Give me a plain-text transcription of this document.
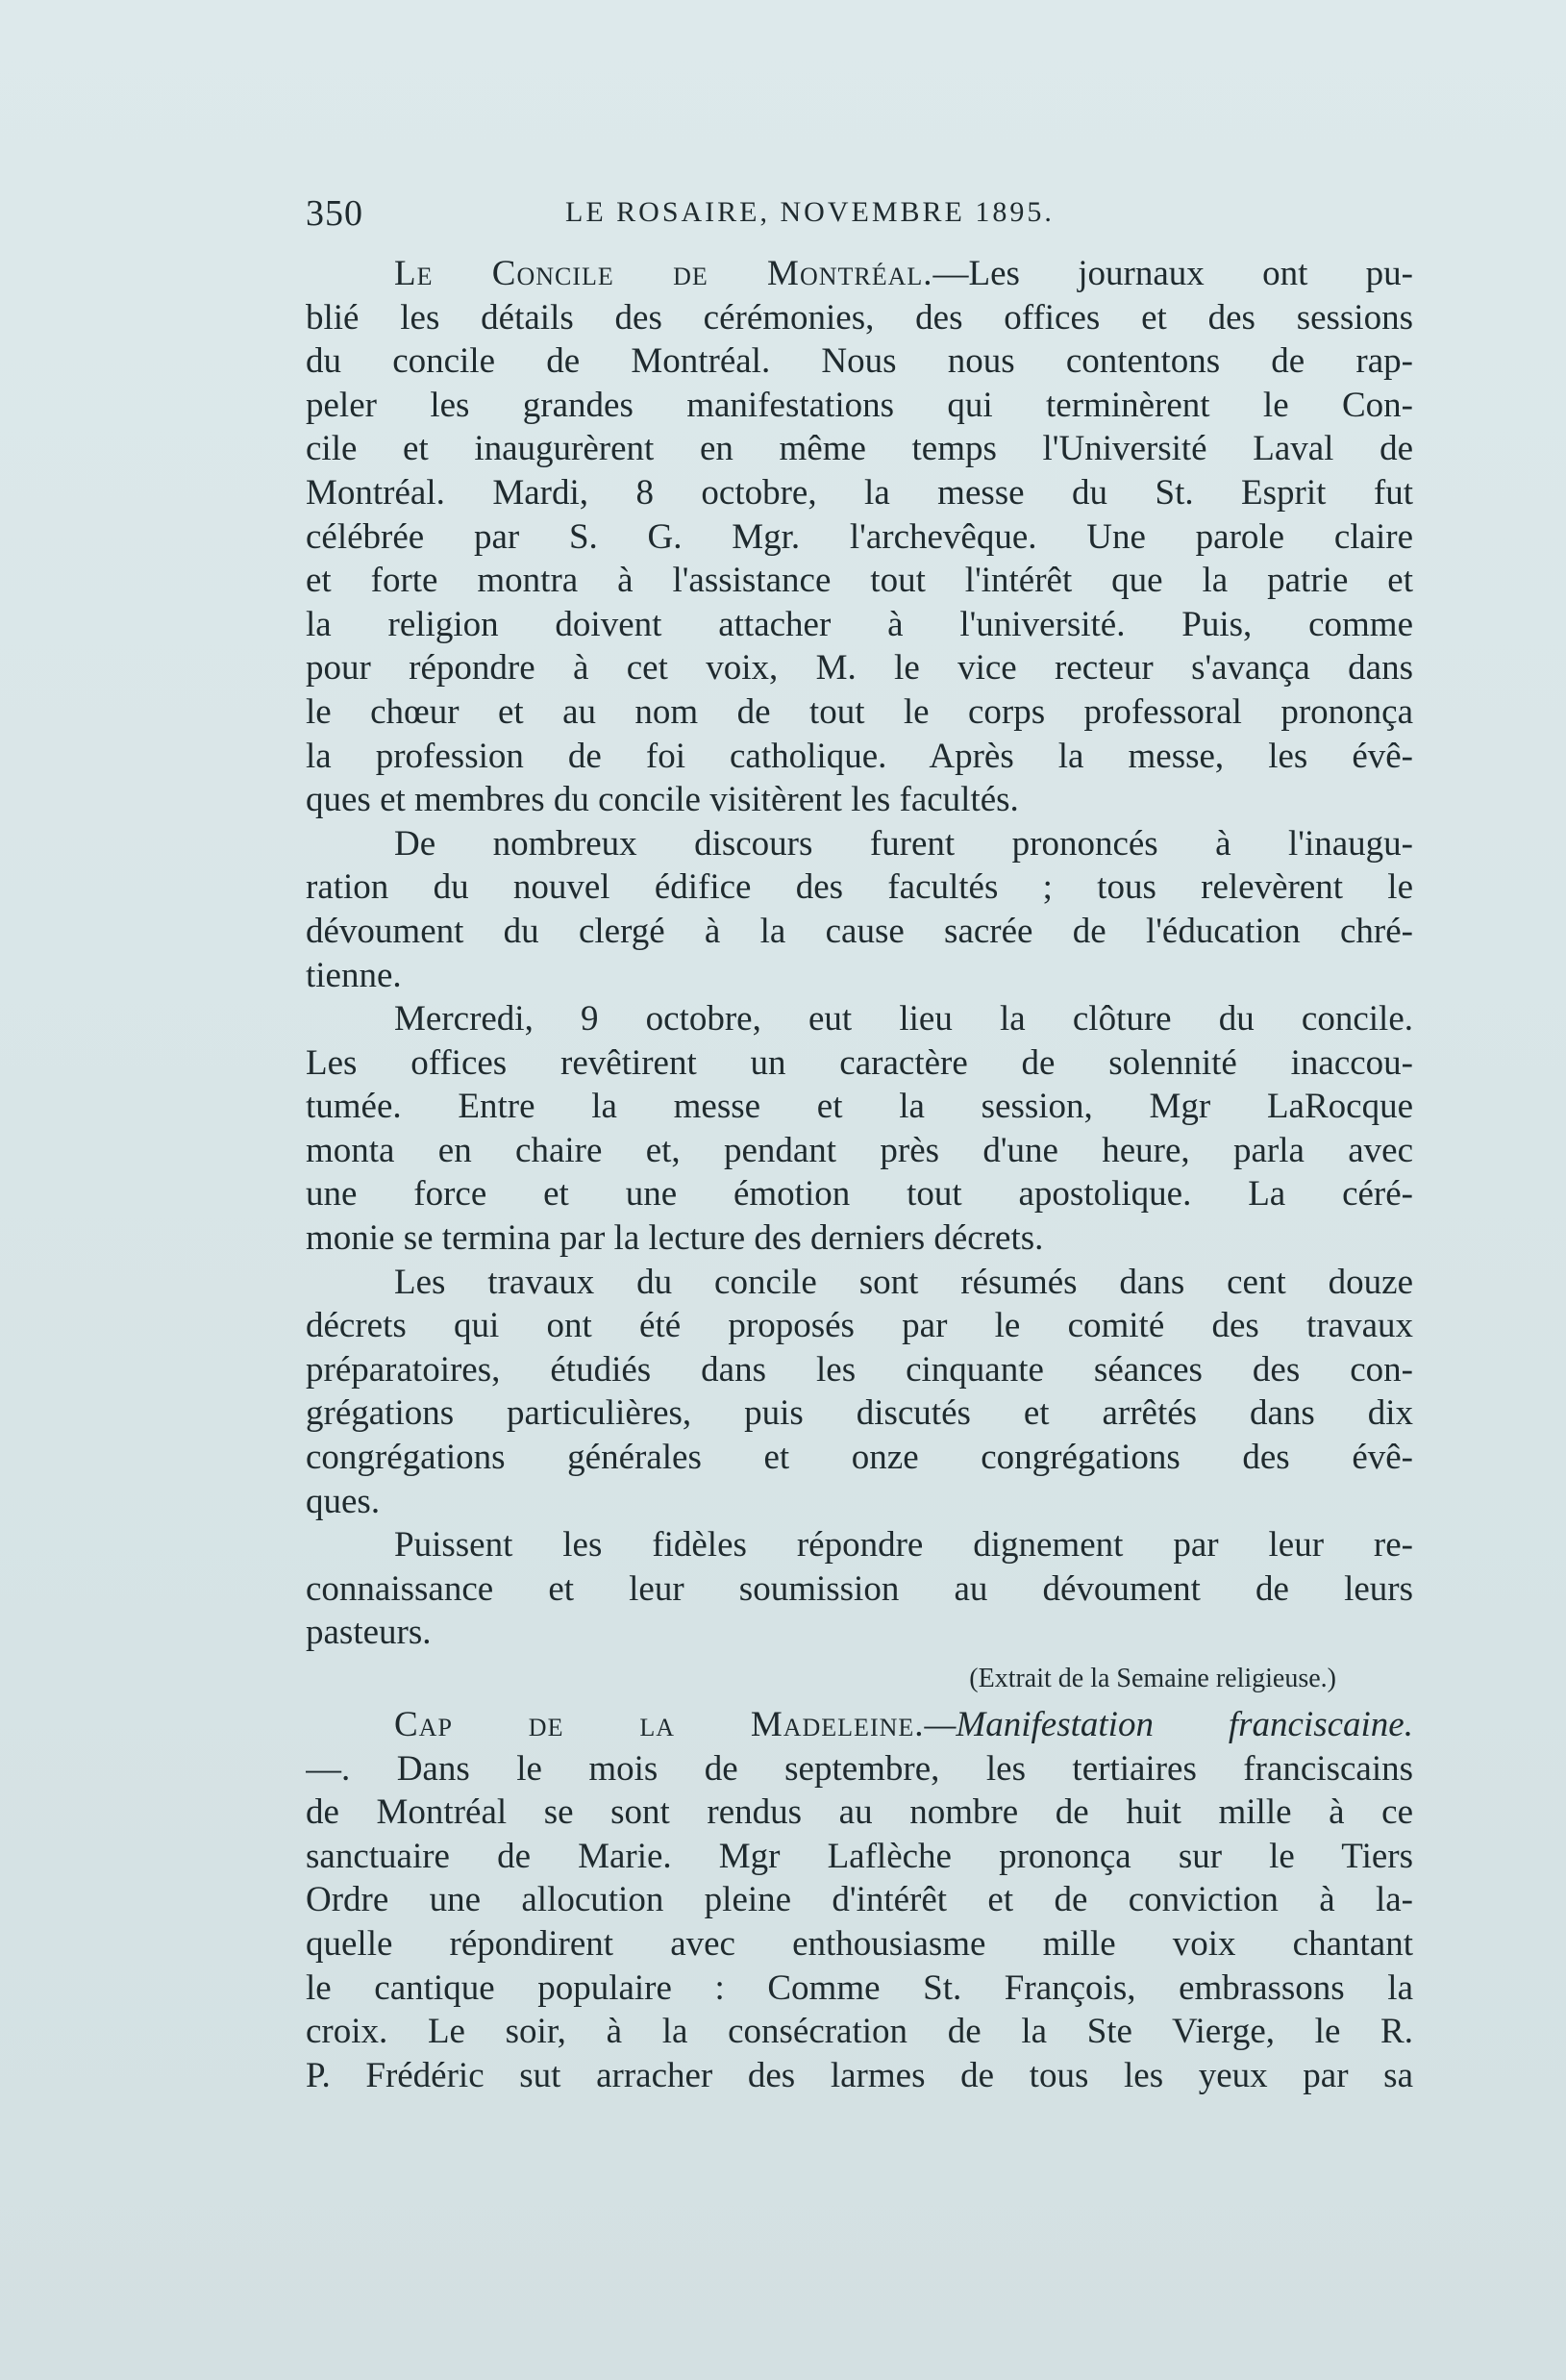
350	LE ROSAIRE, NOVEMBRE 1895.
Le Concile de Montréal.—Les journaux ont pu-
blié les détails des cérémonies, des offices et des sessions
du concile de Montréal. Nous nous contentons de rap-
peler les grandes manifestations qui terminèrent le Con-
cile et inaugurèrent en même temps l'Université Laval de
Montréal. Mardi, 8 octobre, la messe du St. Esprit fut
célébrée par S. G. Mgr. l'archevêque. Une parole claire
et forte montra à l'assistance tout l'intérêt que la patrie et
la religion doivent attacher à l'université. Puis, comme
pour répondre à cet voix, M. le vice recteur s'avança dans
le chœur et au nom de tout le corps professoral prononça
la profession de foi catholique. Après la messe, les évê-
ques et membres du concile visitèrent les facultés.
De nombreux discours furent prononcés à l'inaugu-
ration du nouvel édifice des facultés ; tous relevèrent le
dévoument du clergé à la cause sacrée de l'éducation chré-
tienne.
Mercredi, 9 octobre, eut lieu la clôture du concile.
Les offices revêtirent un caractère de solennité inaccou-
tumée. Entre la messe et la session, Mgr LaRocque
monta en chaire et, pendant près d'une heure, parla avec
une force et une émotion tout apostolique. La céré-
monie se termina par la lecture des derniers décrets.
Les travaux du concile sont résumés dans cent douze
décrets qui ont été proposés par le comité des travaux
préparatoires, étudiés dans les cinquante séances des con-
grégations particulières, puis discutés et arrêtés dans dix
congrégations générales et onze congrégations des évê-
ques.
Puissent les fidèles répondre dignement par leur re-
connaissance et leur soumission au dévoument de leurs
pasteurs.
(Extrait de la Semaine religieuse.)
Cap de la Madeleine.—Manifestation franciscaine.
—. Dans le mois de septembre, les tertiaires franciscains
de Montréal se sont rendus au nombre de huit mille à ce
sanctuaire de Marie. Mgr Laflèche prononça sur le Tiers
Ordre une allocution pleine d'intérêt et de conviction à la-
quelle répondirent avec enthousiasme mille voix chantant
le cantique populaire : Comme St. François, embrassons la
croix. Le soir, à la consécration de la Ste Vierge, le R.
P. Frédéric sut arracher des larmes de tous les yeux par sa
